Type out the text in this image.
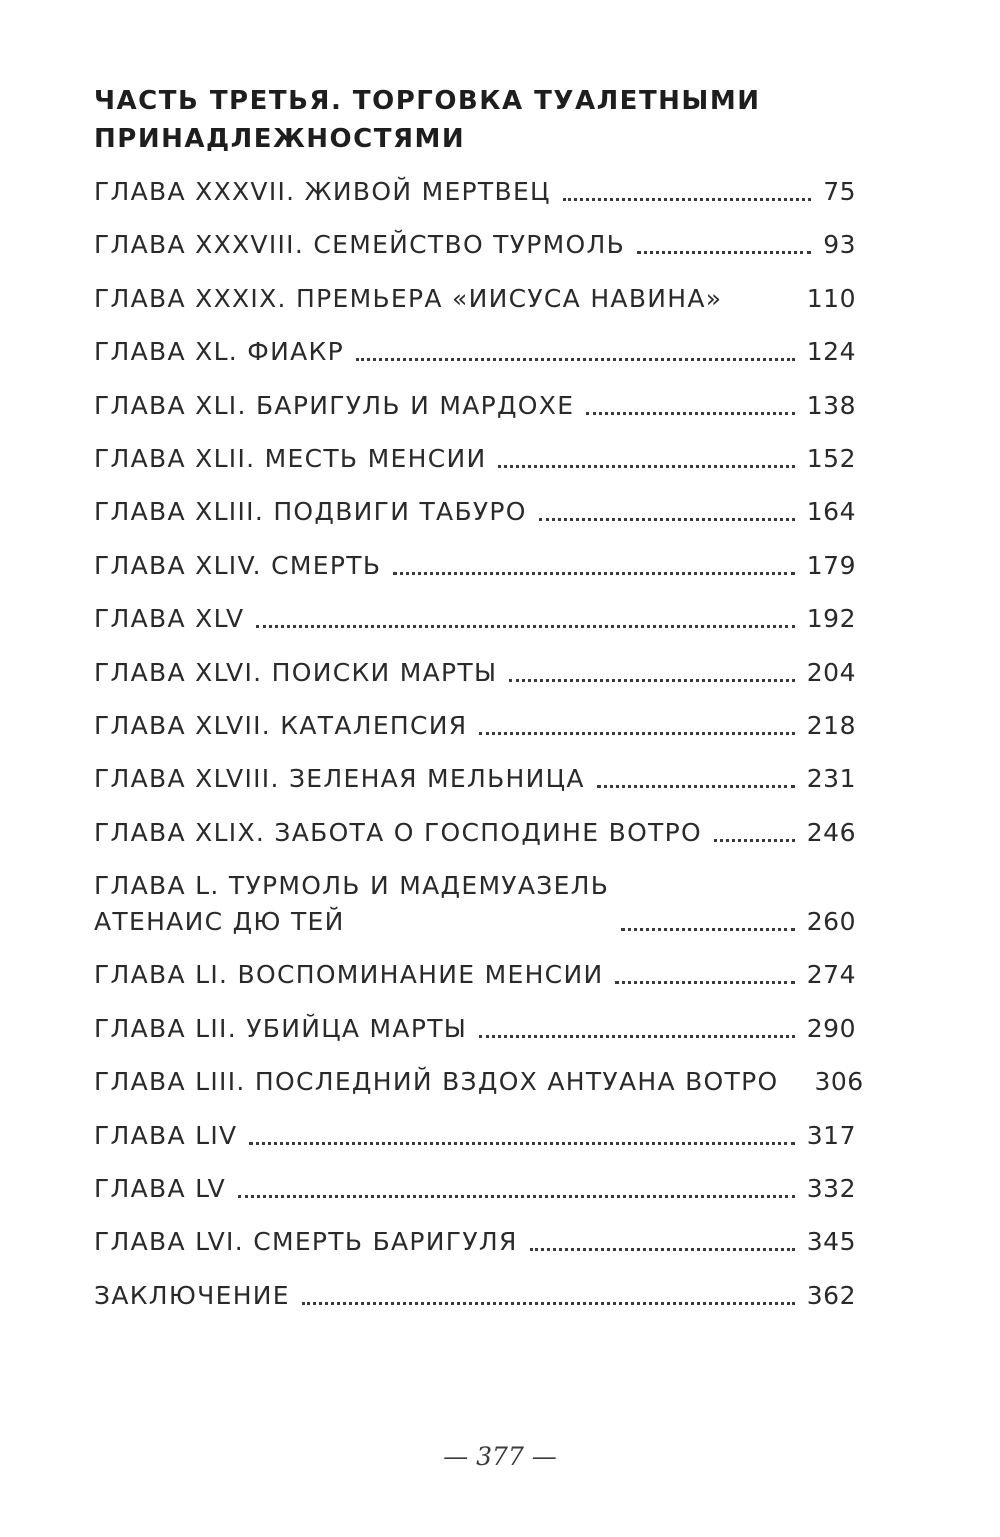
ЧАСТЬ ТРЕТЬЯ. ТОРГОВКА ТУАЛЕТНЫМИ
ПРИНАДЛЕЖНОСТЯМИ
ГЛАВА XXXVII. ЖИВОЙ МЕРТВЕЦ	75
ГЛАВА XXXVIII. СЕМЕЙСТВО ТУРМОЛЬ	93
ГЛАВА XXXIX. ПРЕМЬЕРА «ИИСУСА НАВИНА»	110
ГЛАВА XL. ФИАКР	124
ГЛАВА XLI. БАРИГУЛЬ И МАРДОХЕ	138
ГЛАВА XLII. МЕСТЬ МЕНСИИ	152
ГЛАВА XLIII. ПОДВИГИ ТАБУРО	164
ГЛАВА XLIV. СМЕРТЬ	179
ГЛАВА XLV	192
ГЛАВА XLVI. ПОИСКИ МАРТЫ	204
ГЛАВА XLVII. КАТАЛЕПСИЯ	218
ГЛАВА XLVIII. ЗЕЛЕНАЯ МЕЛЬНИЦА	231
ГЛАВА XLIX. ЗАБОТА О ГОСПОДИНЕ ВОТРО	246
ГЛАВА L. ТУРМОЛЬ И МАДЕМУАЗЕЛЬ
АТЕНАИС ДЮ ТЕЙ	260
ГЛАВА LI. ВОСПОМИНАНИЕ МЕНСИИ	274
ГЛАВА LII. УБИЙЦА МАРТЫ	290
ГЛАВА LIII. ПОСЛЕДНИЙ ВЗДОХ АНТУАНА ВОТРО 306
ГЛАВА LIV	317
ГЛАВА LV	332
ГЛАВА LVI. СМЕРТЬ БАРИГУЛЯ	345
ЗАКЛЮЧЕНИЕ	362
— 377 —
